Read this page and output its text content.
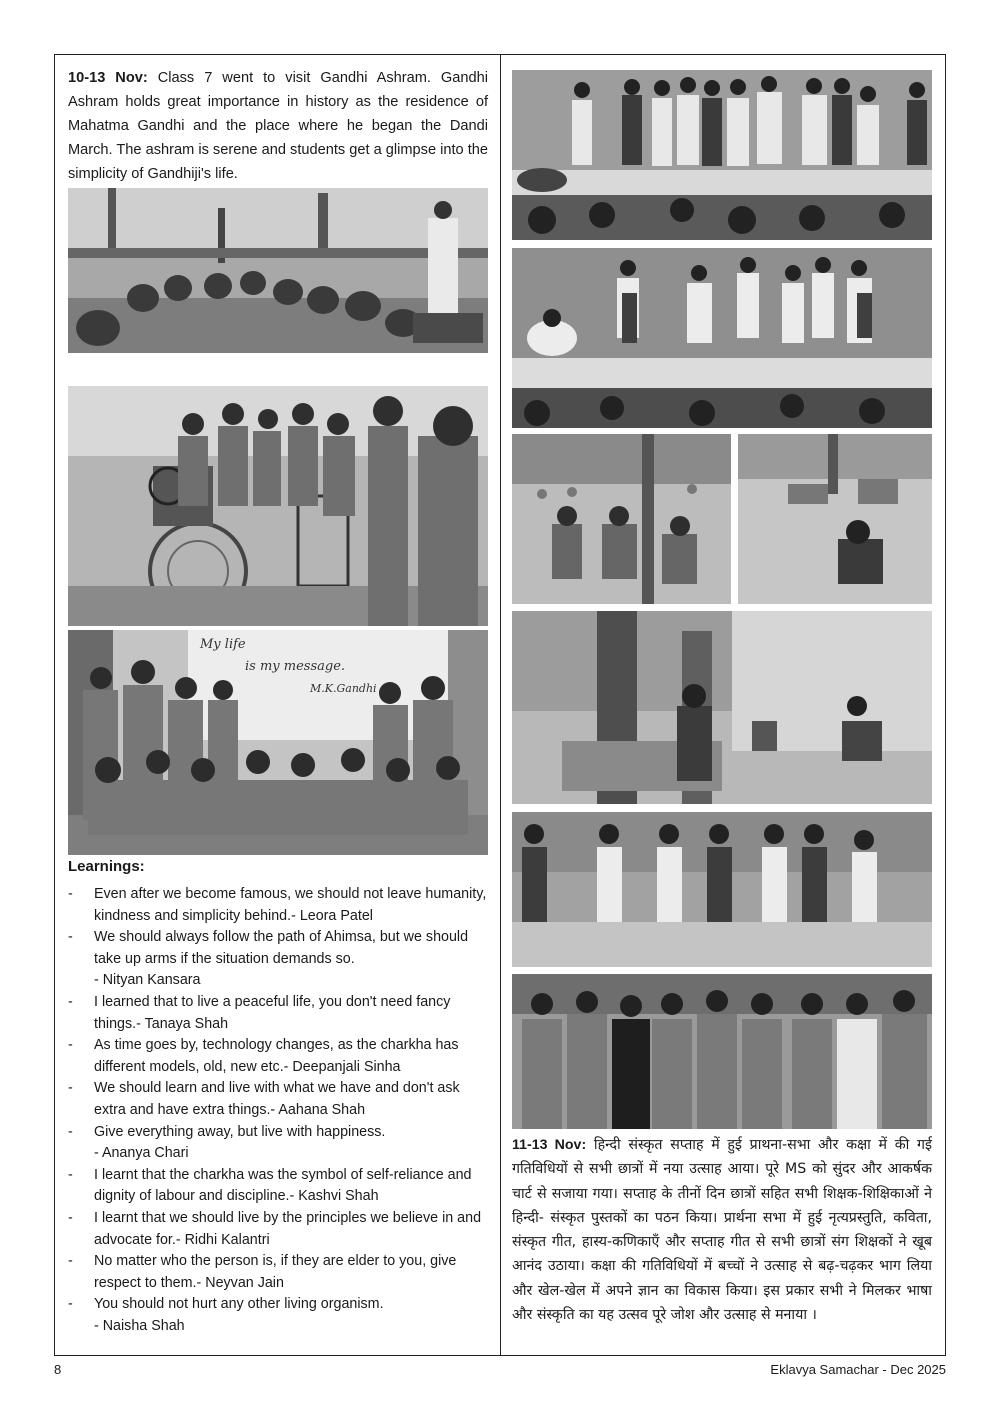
10-13 Nov: Class 7 went to visit Gandhi Ashram. Gandhi Ashram holds great importance in history as the residence of Mahatma Gandhi and the place where he began the Dandi March. The ashram is serene and students get a glimpse into the simplicity of Gandhiji's life.

My life
is my message.
M.K.Gandhi
Learnings:
- Even after we become famous, we should not leave humanity, kindness and simplicity behind.- Leora Patel
- We should always follow the path of Ahimsa, but we should take up arms if the situation demands so.
- Nityan Kansara
- I learned that to live a peaceful life, you don't need fancy things.- Tanaya Shah
- As time goes by, technology changes, as the charkha has different models, old, new etc.- Deepanjali Sinha
- We should learn and live with what we have and don't ask extra and have extra things.- Aahana Shah
- Give everything away, but live with happiness.
- Ananya Chari
- I learnt that the charkha was the symbol of self-reliance and dignity of labour and discipline.- Kashvi Shah
- I learnt that we should live by the principles we believe in and advocate for.- Ridhi Kalantri
- No matter who the person is, if they are elder to you, give respect to them.- Neyvan Jain
- You should not hurt any other living organism.
- Naisha Shah

11-13 Nov: हिन्दी संस्कृत सप्ताह में हुई प्राथना-सभा और कक्षा में की गई गतिविधियों से सभी छात्रों में नया उत्साह आया। पूरे MS को सुंदर और आकर्षक चार्ट से सजाया गया। सप्ताह के तीनों दिन छात्रों सहित सभी शिक्षक-शिक्षिकाओं ने हिन्दी- संस्कृत पुस्तकों का पठन किया। प्रार्थना सभा में हुई नृत्यप्रस्तुति, कविता, संस्कृत गीत, हास्य-कणिकाएँ और सप्ताह गीत से सभी छात्रों संग शिक्षकों ने खूब आनंद उठाया। कक्षा की गतिविधियों में बच्चों ने उत्साह से बढ़-चढ़कर भाग लिया और खेल-खेल में अपने ज्ञान का विकास किया। इस प्रकार सभी ने मिलकर भाषा और संस्कृति का यह उत्सव पूरे जोश और उत्साह से मनाया ।

8	Eklavya Samachar - Dec 2025
